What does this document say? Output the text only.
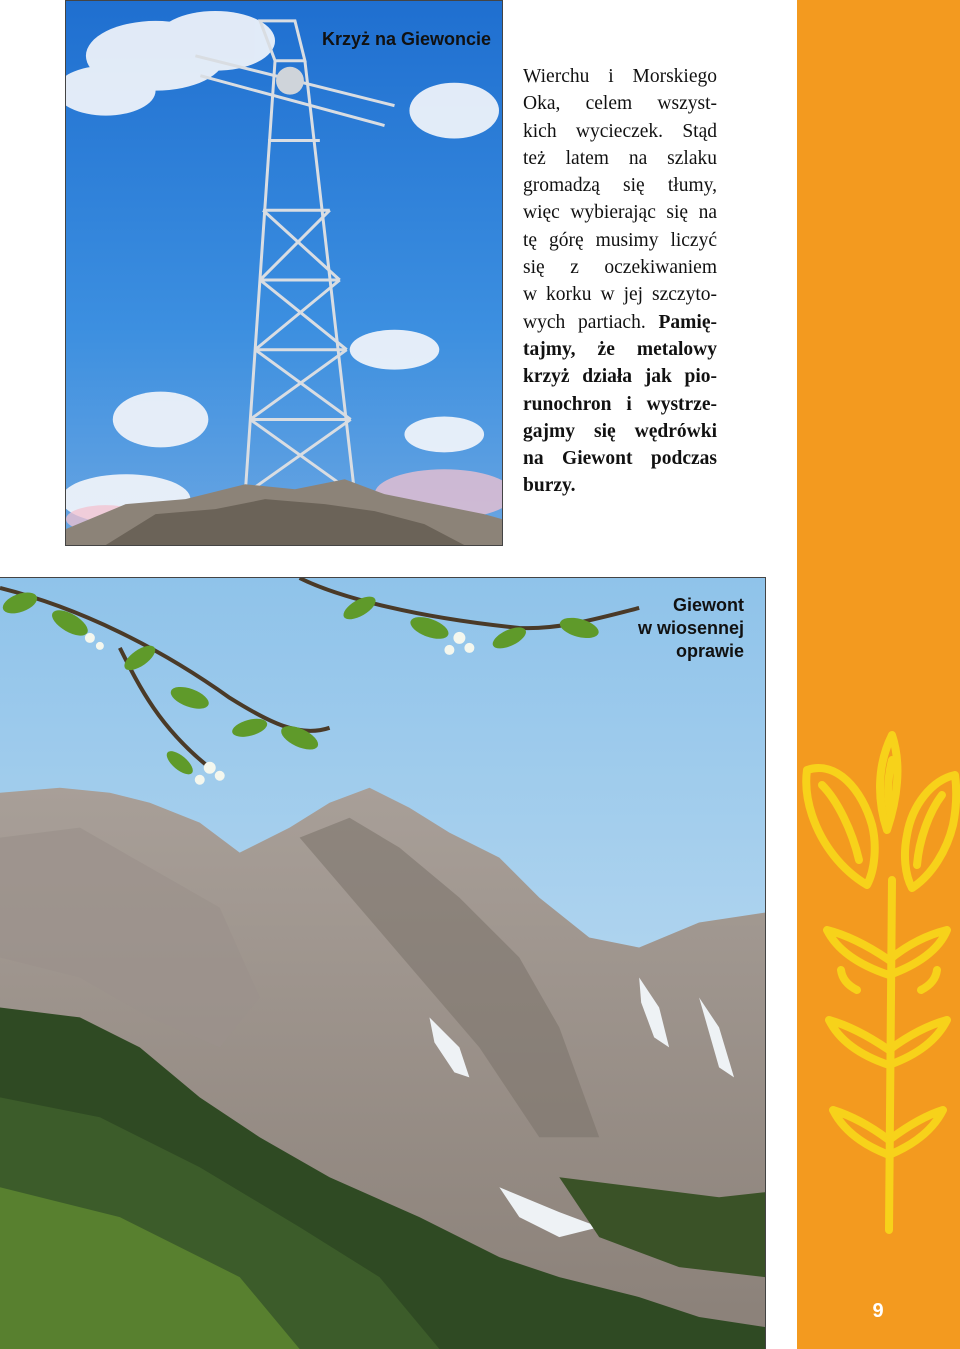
Krzyż na Giewoncie
Wierchu i Morskiego
Oka, celem wszyst-
kich wycieczek. Stąd
też latem na szlaku
gromadzą się tłumy,
więc wybierając się na
tę górę musimy liczyć
się z oczekiwaniem
w korku w jej szczyto-
wych partiach. Pamię-
tajmy, że metalowy
krzyż działa jak pio-
runochron i wystrze-
gajmy się wędrówki
na Giewont podczas
burzy.
Giewont
w wiosennej
oprawie
9
